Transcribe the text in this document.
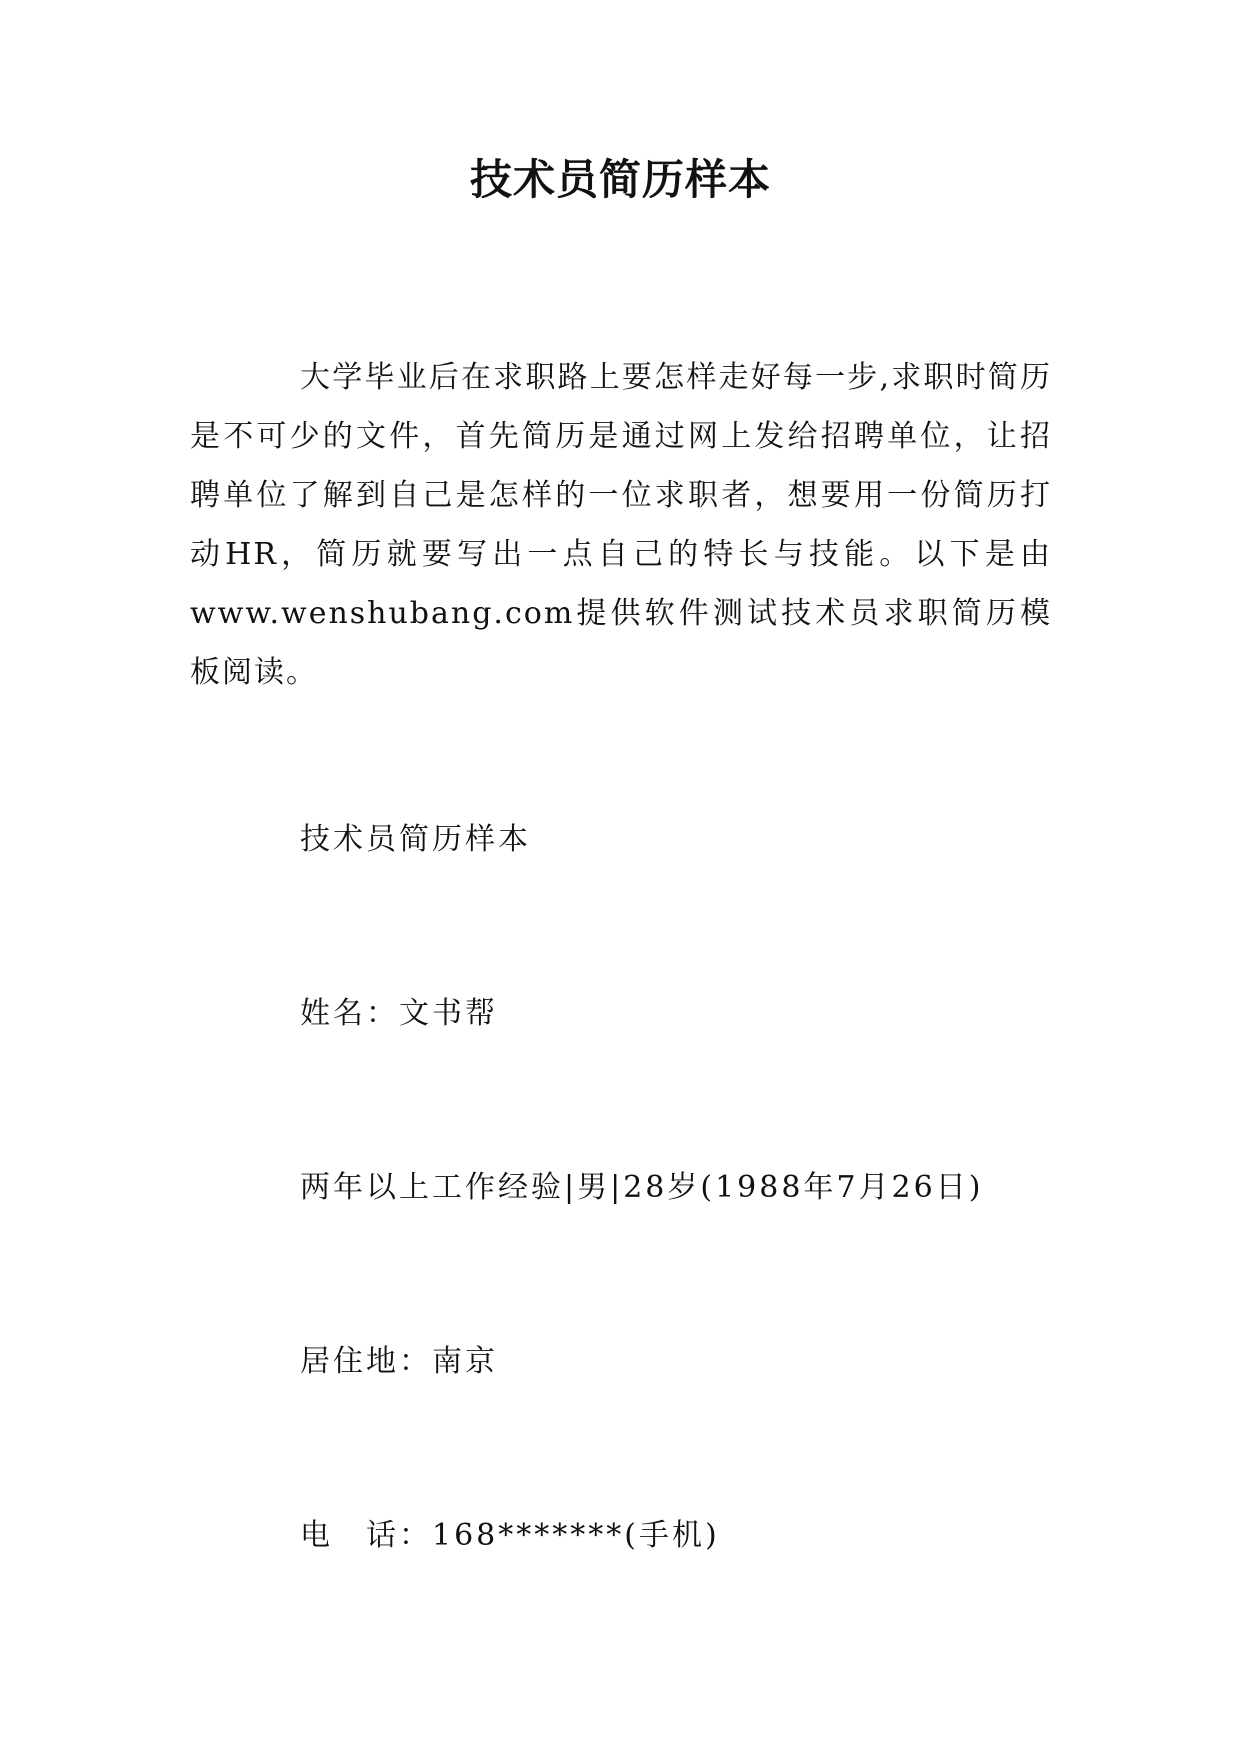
技术员简历样本

大学毕业后在求职路上要怎样走好每一步,求职时简历是不可少的文件，首先简历是通过网上发给招聘单位，让招聘单位了解到自己是怎样的一位求职者，想要用一份简历打动HR，简历就要写出一点自己的特长与技能。以下是由www.wenshubang.com提供软件测试技术员求职简历模板阅读。

技术员简历样本

姓名：文书帮

两年以上工作经验|男|28岁(1988年7月26日)

居住地：南京

电　话：168*******(手机)
